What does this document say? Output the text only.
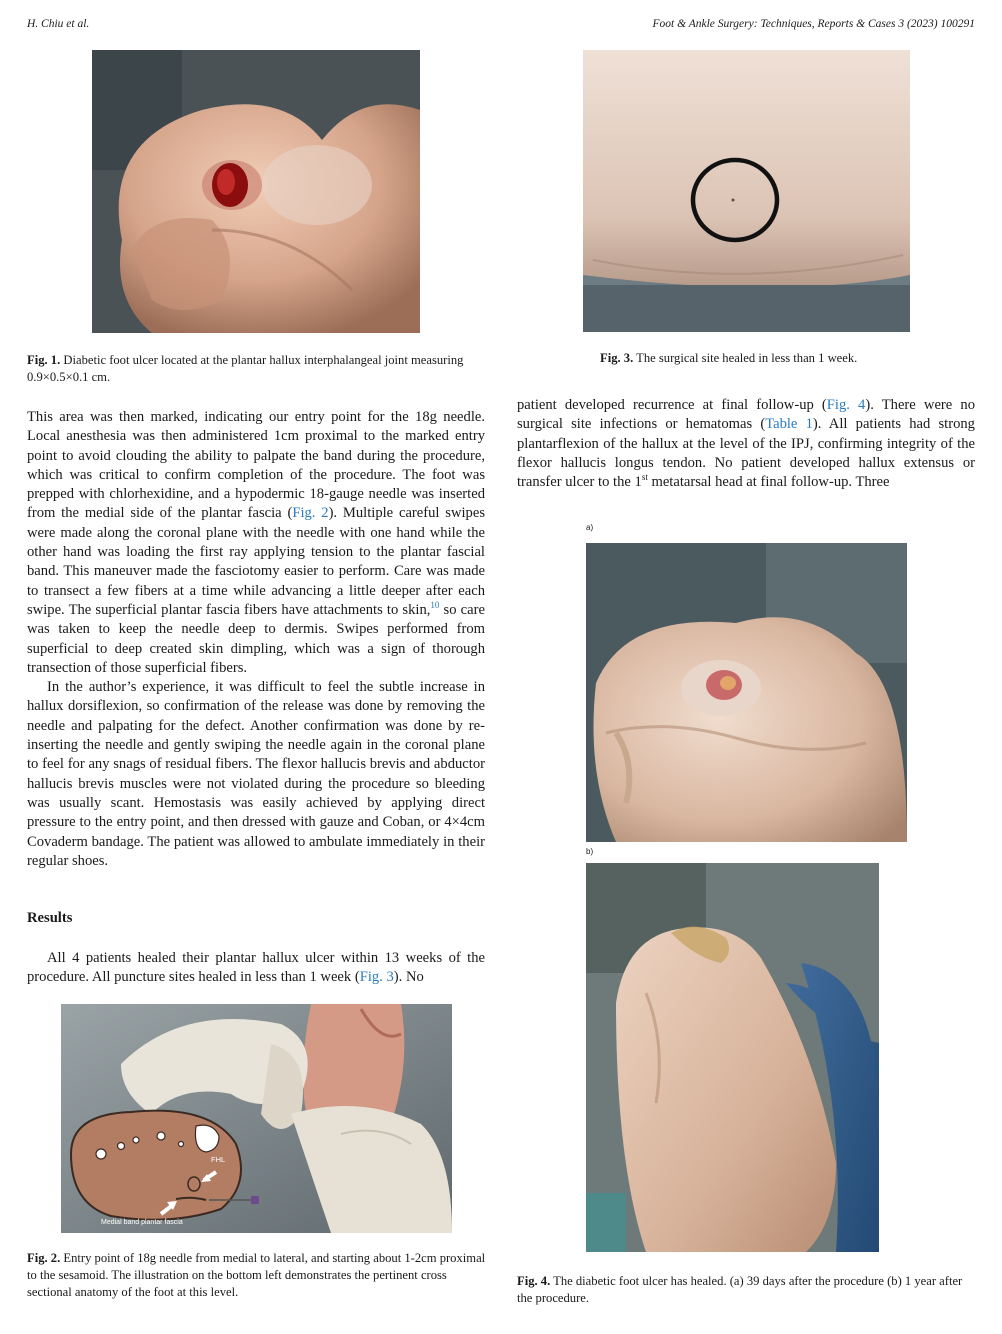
H. Chiu et al.	Foot & Ankle Surgery: Techniques, Reports & Cases 3 (2023) 100291

Fig. 1. Diabetic foot ulcer located at the plantar hallux interphalangeal joint measuring 0.9×0.5×0.1 cm.

Fig. 3. The surgical site healed in less than 1 week.

This area was then marked, indicating our entry point for the 18g needle. Local anesthesia was then administered 1cm proximal to the marked entry point to avoid clouding the ability to palpate the band during the procedure, which was critical to confirm completion of the procedure. The foot was prepped with chlorhexidine, and a hypodermic 18-gauge needle was inserted from the medial side of the plantar fascia (Fig. 2). Multiple careful swipes were made along the coronal plane with the needle with one hand while the other hand was loading the first ray applying tension to the plantar fascial band. This maneuver made the fasciotomy easier to perform. Care was made to transect a few fibers at a time while advancing a little deeper after each swipe. The superficial plantar fascia fibers have attachments to skin,$^{10}$ so care was taken to keep the needle deep to dermis. Swipes performed from superficial to deep created skin dimpling, which was a sign of thorough transection of those superficial fibers.

In the author’s experience, it was difficult to feel the subtle increase in hallux dorsiflexion, so confirmation of the release was done by removing the needle and palpating for the defect. Another confirmation was done by re-inserting the needle and gently swiping the needle again in the coronal plane to feel for any snags of residual fibers. The flexor hallucis brevis and abductor hallucis brevis muscles were not violated during the procedure so bleeding was usually scant. Hemostasis was easily achieved by applying direct pressure to the entry point, and then dressed with gauze and Coban, or 4×4cm Covaderm bandage. The patient was allowed to ambulate immediately in their regular shoes.

Results

All 4 patients healed their plantar hallux ulcer within 13 weeks of the procedure. All puncture sites healed in less than 1 week (Fig. 3). No

patient developed recurrence at final follow-up (Fig. 4). There were no surgical site infections or hematomas (Table 1). All patients had strong plantarflexion of the hallux at the level of the IPJ, confirming integrity of the flexor hallucis longus tendon. No patient developed hallux extensus or transfer ulcer to the 1st metatarsal head at final follow-up. Three

FHL
Medial band plantar fascia

Fig. 2. Entry point of 18g needle from medial to lateral, and starting about 1-2cm proximal to the sesamoid. The illustration on the bottom left demonstrates the pertinent cross sectional anatomy of the foot at this level.

a)
b)

Fig. 4. The diabetic foot ulcer has healed. (a) 39 days after the procedure (b) 1 year after the procedure.
